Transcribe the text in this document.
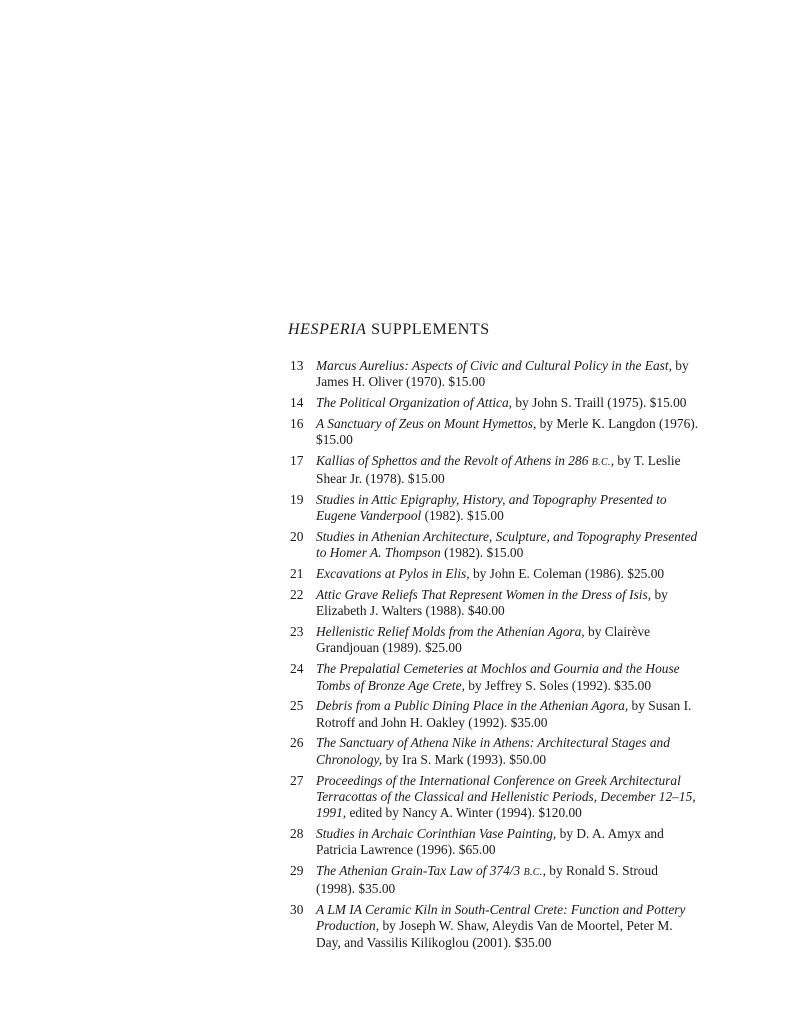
HESPERIA SUPPLEMENTS
13 Marcus Aurelius: Aspects of Civic and Cultural Policy in the East, by James H. Oliver (1970). $15.00
14 The Political Organization of Attica, by John S. Traill (1975). $15.00
16 A Sanctuary of Zeus on Mount Hymettos, by Merle K. Langdon (1976). $15.00
17 Kallias of Sphettos and the Revolt of Athens in 286 B.C., by T. Leslie Shear Jr. (1978). $15.00
19 Studies in Attic Epigraphy, History, and Topography Presented to Eugene Vanderpool (1982). $15.00
20 Studies in Athenian Architecture, Sculpture, and Topography Presented to Homer A. Thompson (1982). $15.00
21 Excavations at Pylos in Elis, by John E. Coleman (1986). $25.00
22 Attic Grave Reliefs That Represent Women in the Dress of Isis, by Elizabeth J. Walters (1988). $40.00
23 Hellenistic Relief Molds from the Athenian Agora, by Clairève Grandjouan (1989). $25.00
24 The Prepalatial Cemeteries at Mochlos and Gournia and the House Tombs of Bronze Age Crete, by Jeffrey S. Soles (1992). $35.00
25 Debris from a Public Dining Place in the Athenian Agora, by Susan I. Rotroff and John H. Oakley (1992). $35.00
26 The Sanctuary of Athena Nike in Athens: Architectural Stages and Chronology, by Ira S. Mark (1993). $50.00
27 Proceedings of the International Conference on Greek Architectural Terracottas of the Classical and Hellenistic Periods, December 12–15, 1991, edited by Nancy A. Winter (1994). $120.00
28 Studies in Archaic Corinthian Vase Painting, by D. A. Amyx and Patricia Lawrence (1996). $65.00
29 The Athenian Grain-Tax Law of 374/3 B.C., by Ronald S. Stroud (1998). $35.00
30 A LM IA Ceramic Kiln in South-Central Crete: Function and Pottery Production, by Joseph W. Shaw, Aleydis Van de Moortel, Peter M. Day, and Vassilis Kilikoglou (2001). $35.00
